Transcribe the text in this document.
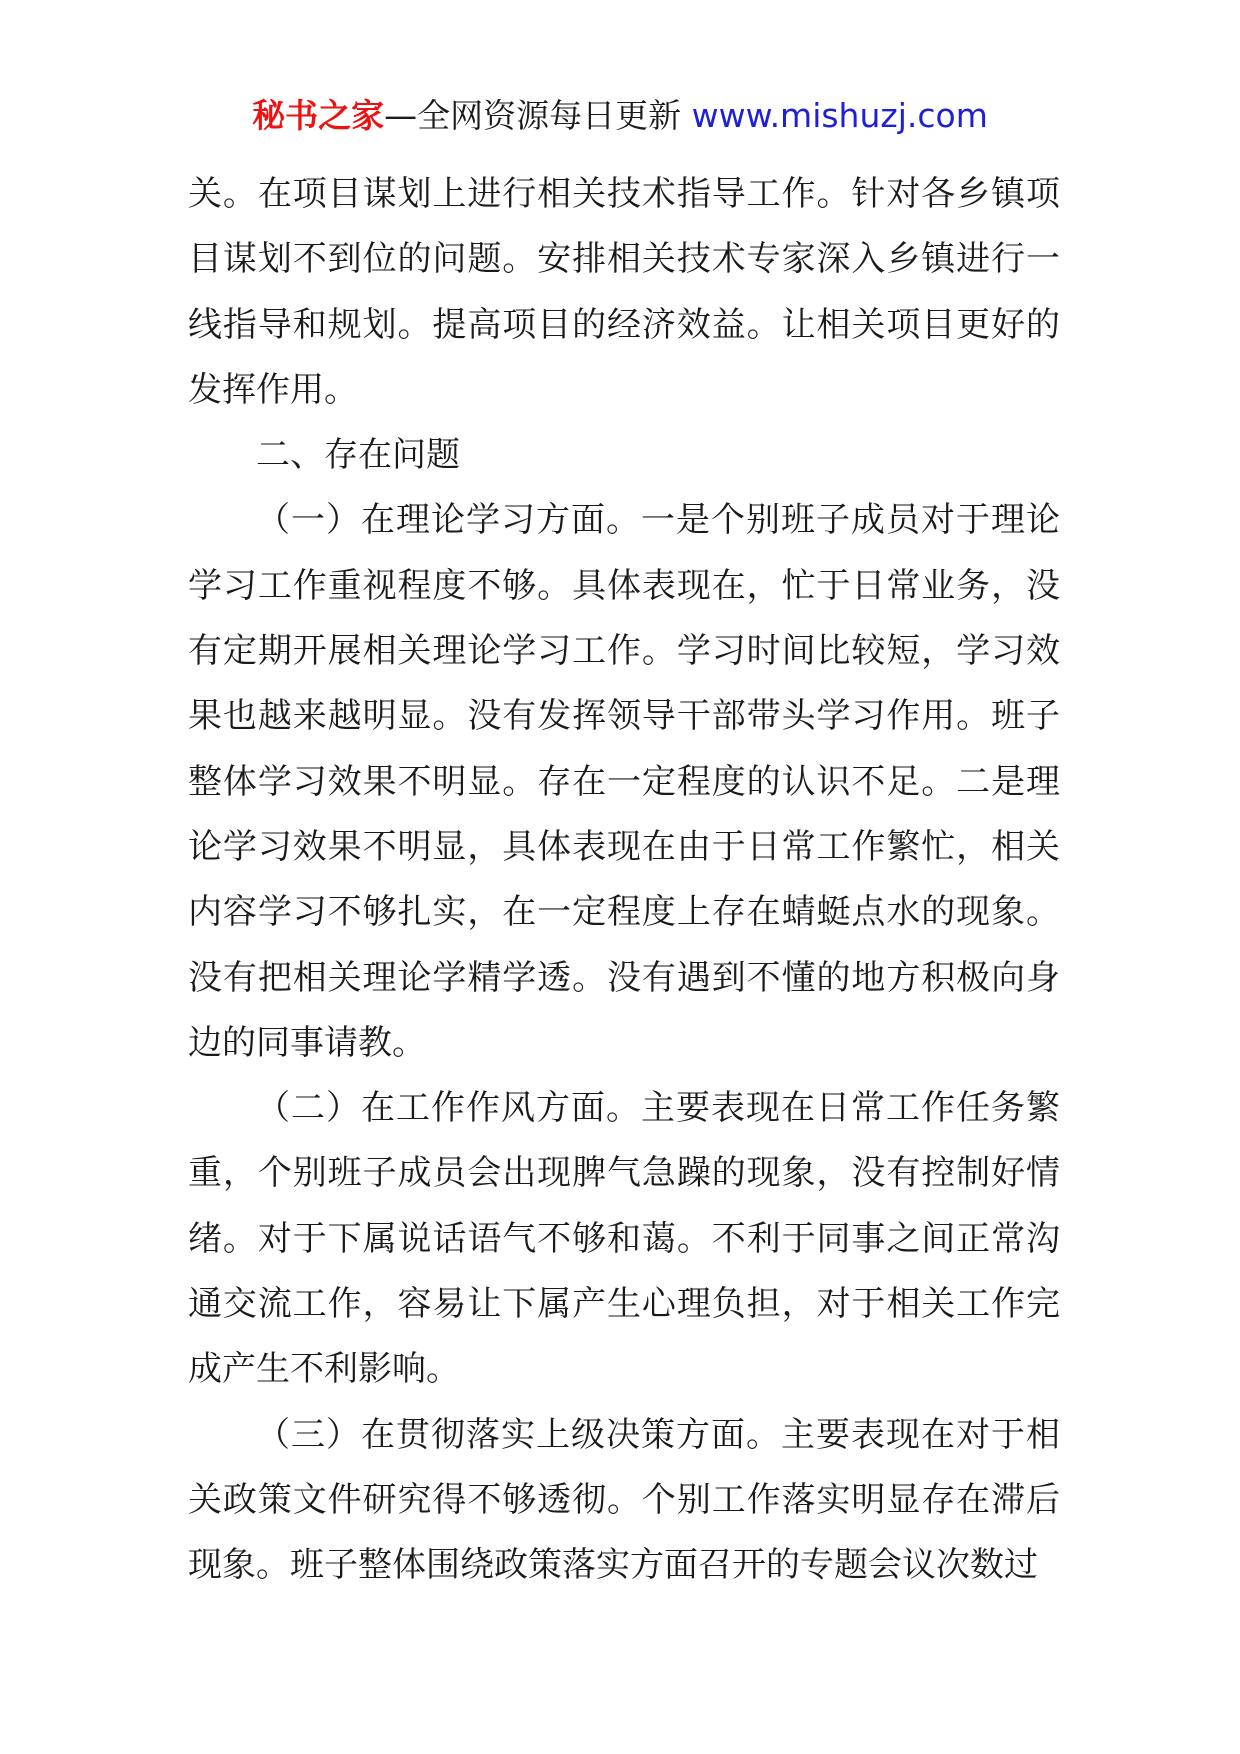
秘书之家—全网资源每日更新 www.mishuzj.com

关。在项目谋划上进行相关技术指导工作。针对各乡镇项目谋划不到位的问题。安排相关技术专家深入乡镇进行一线指导和规划。提高项目的经济效益。让相关项目更好的发挥作用。

二、存在问题

（一）在理论学习方面。一是个别班子成员对于理论学习工作重视程度不够。具体表现在，忙于日常业务，没有定期开展相关理论学习工作。学习时间比较短，学习效果也越来越明显。没有发挥领导干部带头学习作用。班子整体学习效果不明显。存在一定程度的认识不足。二是理论学习效果不明显，具体表现在由于日常工作繁忙，相关内容学习不够扎实，在一定程度上存在蜻蜓点水的现象。没有把相关理论学精学透。没有遇到不懂的地方积极向身边的同事请教。

（二）在工作作风方面。主要表现在日常工作任务繁重，个别班子成员会出现脾气急躁的现象，没有控制好情绪。对于下属说话语气不够和蔼。不利于同事之间正常沟通交流工作，容易让下属产生心理负担，对于相关工作完成产生不利影响。

（三）在贯彻落实上级决策方面。主要表现在对于相关政策文件研究得不够透彻。个别工作落实明显存在滞后现象。班子整体围绕政策落实方面召开的专题会议次数过
